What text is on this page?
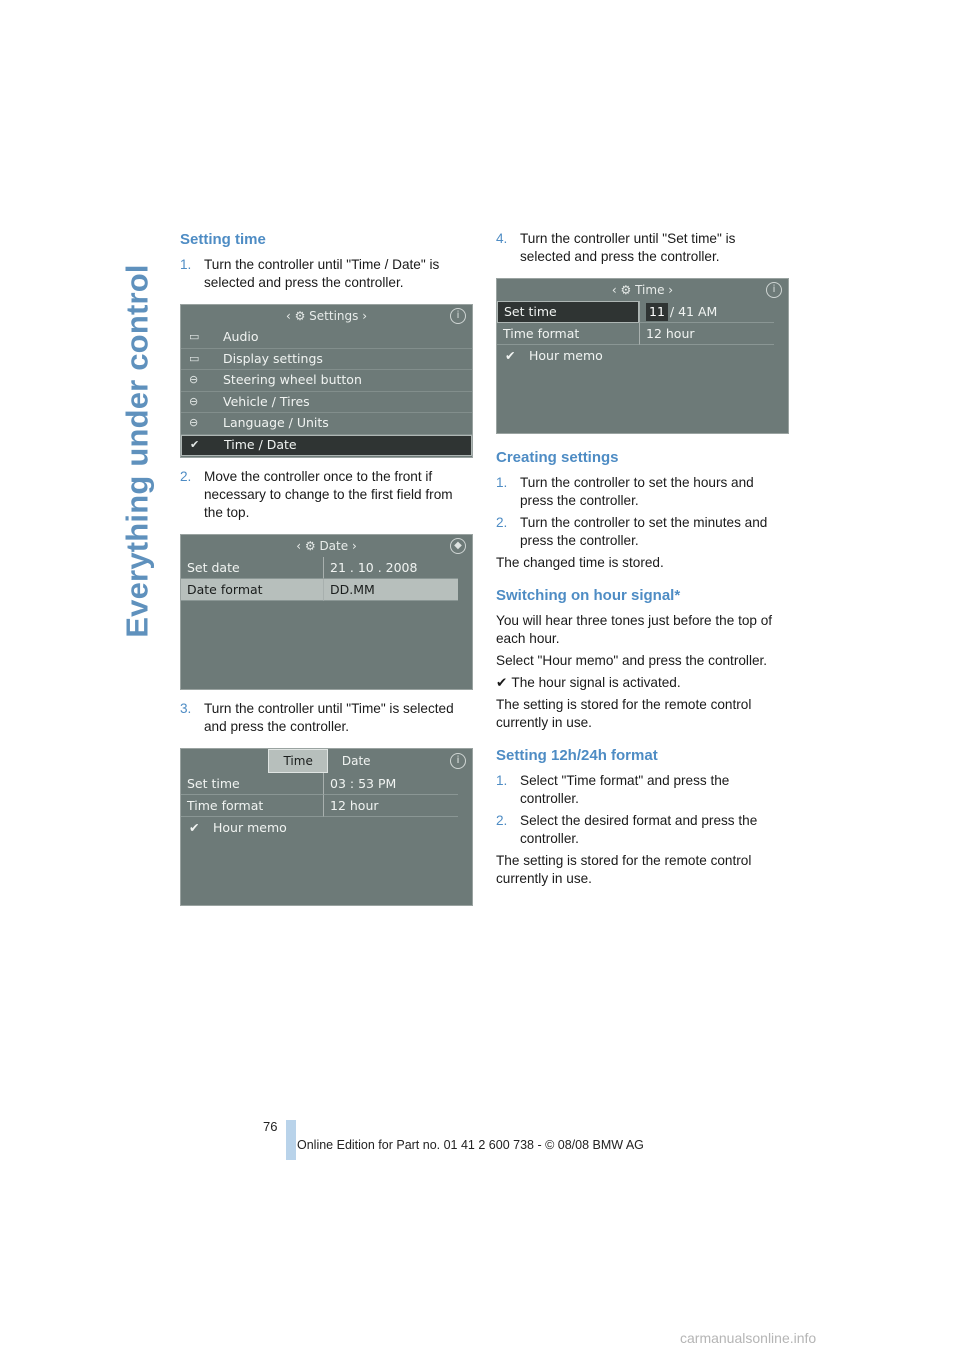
Everything under control
Setting time
1. Turn the controller until "Time / Date" is selected and press the controller.
‹ ⚙ Settings ›	i
▭	Audio
▭	Display settings
⊖	Steering wheel button
⊖	Vehicle / Tires
⊖	Language / Units
✔	Time / Date
2. Move the controller once to the front if necessary to change to the first field from the top.
‹ ⚙ Date ›	◆
Set date	21 . 10 . 2008
Date format	DD.MM
3. Turn the controller until "Time" is selected and press the controller.
Time	Date	i
Set time	03 : 53 PM
Time format	12 hour
✔	Hour memo
4. Turn the controller until "Set time" is selected and press the controller.
‹ ⚙ Time ›	i
Set time	11 / 41 AM
Time format	12 hour
✔	Hour memo
Creating settings
1. Turn the controller to set the hours and press the controller.
2. Turn the controller to set the minutes and press the controller.

The changed time is stored.

Switching on hour signal*

You will hear three tones just before the top of each hour.

Select "Hour memo" and press the controller.

✔ The hour signal is activated.

The setting is stored for the remote control currently in use.

Setting 12h/24h format
1. Select "Time format" and press the controller.
2. Select the desired format and press the controller.

The setting is stored for the remote control currently in use.

76
Online Edition for Part no. 01 41 2 600 738 - © 08/08 BMW AG
carmanualsonline.info
